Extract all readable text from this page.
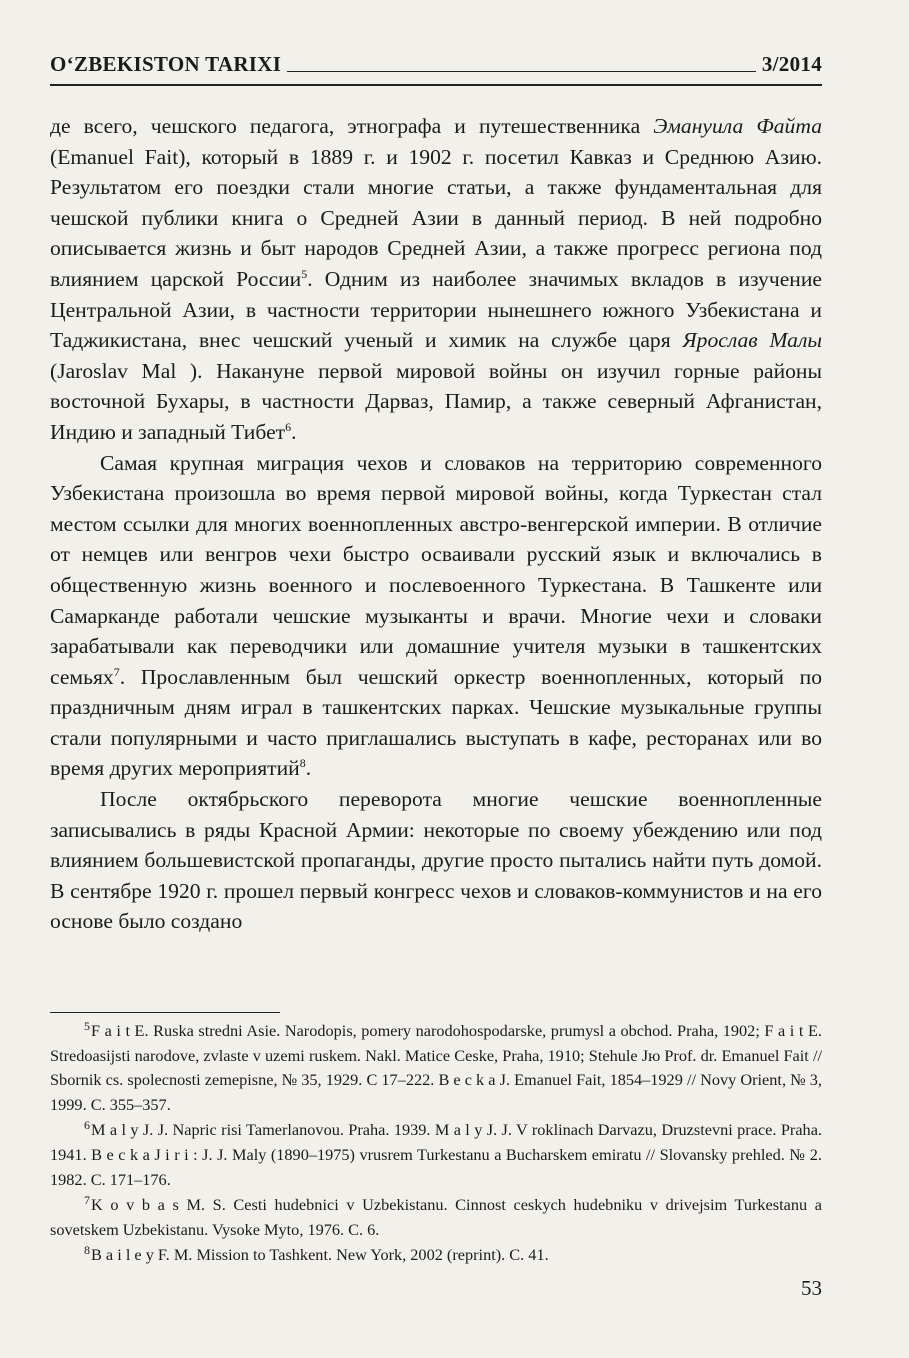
O‘ZBEKISTON TARIXI	3/2014

де всего, чешского педагога, этнографа и путешественника Эмануила Файта (Emanuel Fait), который в 1889 г. и 1902 г. посетил Кавказ и Среднюю Азию. Результатом его поездки стали многие статьи, а также фундаментальная для чешской публики книга о Средней Азии в данный период. В ней подробно описывается жизнь и быт народов Средней Азии, а также прогресс региона под влиянием царской России$^5$. Одним из наиболее значимых вкладов в изучение Центральной Азии, в частности территории нынешнего южного Узбекистана и Таджикистана, внес чешский ученый и химик на службе царя Ярослав Малы (Jaroslav Mal ). Накануне первой мировой войны он изучил горные районы восточной Бухары, в частности Дарваз, Памир, а также северный Афганистан, Индию и западный Тибет$^6$.

Самая крупная миграция чехов и словаков на территорию современного Узбекистана произошла во время первой мировой войны, когда Туркестан стал местом ссылки для многих военнопленных австро-венгерской империи. В отличие от немцев или венгров чехи быстро осваивали русский язык и включались в общественную жизнь военного и послевоенного Туркестана. В Ташкенте или Самарканде работали чешские музыканты и врачи. Многие чехи и словаки зарабатывали как переводчики или домашние учителя музыки в ташкентских семьях$^7$. Прославленным был чешский оркестр военнопленных, который по праздничным дням играл в ташкентских парках. Чешские музыкальные группы стали популярными и часто приглашались выступать в кафе, ресторанах или во время других мероприятий$^8$.

После октябрьского переворота многие чешские военнопленные записывались в ряды Красной Армии: некоторые по своему убеждению или под влиянием большевистской пропаганды, другие просто пытались найти путь домой. В сентябре 1920 г. прошел первый конгресс чехов и словаков-коммунистов и на его основе было создано

$^5$F a i t E. Ruska stredni Asie. Narodopis, pomery narodohospodarske, prumysl a obchod. Praha, 1902; F a i t E. Stredoasijsti narodove, zvlaste v uzemi ruskem. Nakl. Matice Ceske, Praha, 1910; Stehule Jю Prof. dr. Emanuel Fait // Sbornik cs. spolecnosti zemepisne, № 35, 1929. C 17–222. B e c k a J. Emanuel Fait, 1854–1929 // Novy Orient, № 3, 1999. C. 355–357.

$^6$M a l y J. J. Napric risi Tamerlanovou. Praha. 1939. M a l y J. J. V roklinach Darvazu, Druzstevni prace. Praha. 1941. B e c k a J i r i : J. J. Maly (1890–1975) vrusrem Turkestanu a Bucharskem emiratu // Slovansky prehled. № 2. 1982. C. 171–176.

$^7$K o v b a s M. S. Cesti hudebnici v Uzbekistanu. Cinnost ceskych hudebniku v drivejsim Turkestanu a sovetskem Uzbekistanu. Vysoke Myto, 1976. C. 6.

$^8$B a i l e y F. M. Mission to Tashkent. New York, 2002 (reprint). C. 41.

53
